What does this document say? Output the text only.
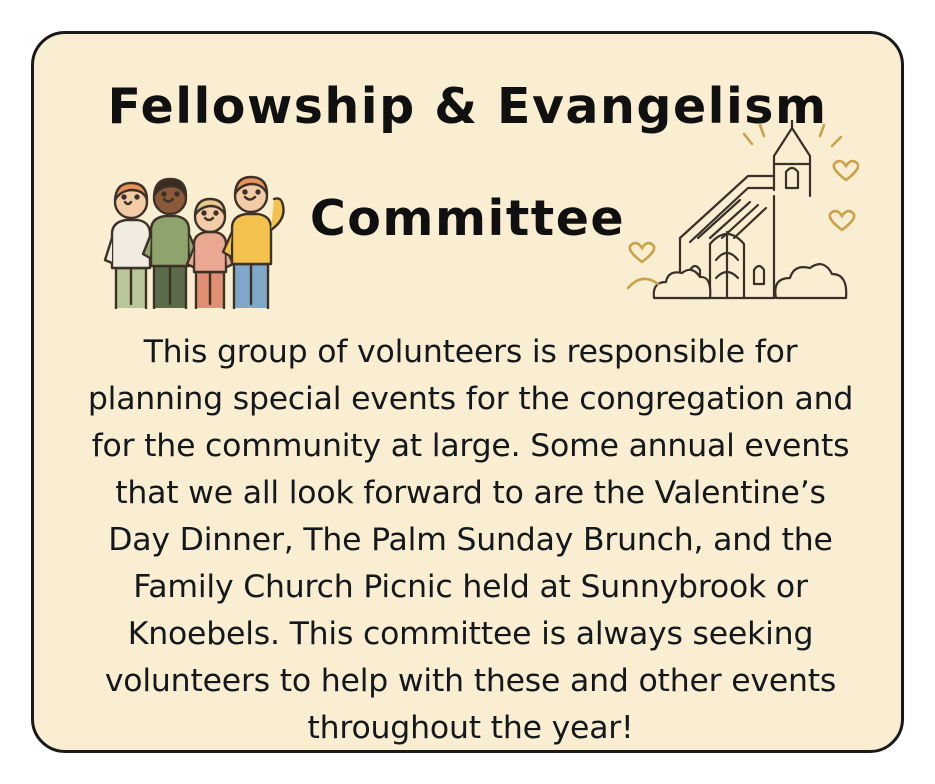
Fellowship & Evangelism
Committee
This group of volunteers is responsible for planning special events for the congregation and for the community at large. Some annual events that we all look forward to are the Valentine’s Day Dinner, The Palm Sunday Brunch, and the Family Church Picnic held at Sunnybrook or Knoebels. This committee is always seeking volunteers to help with these and other events throughout the year!
